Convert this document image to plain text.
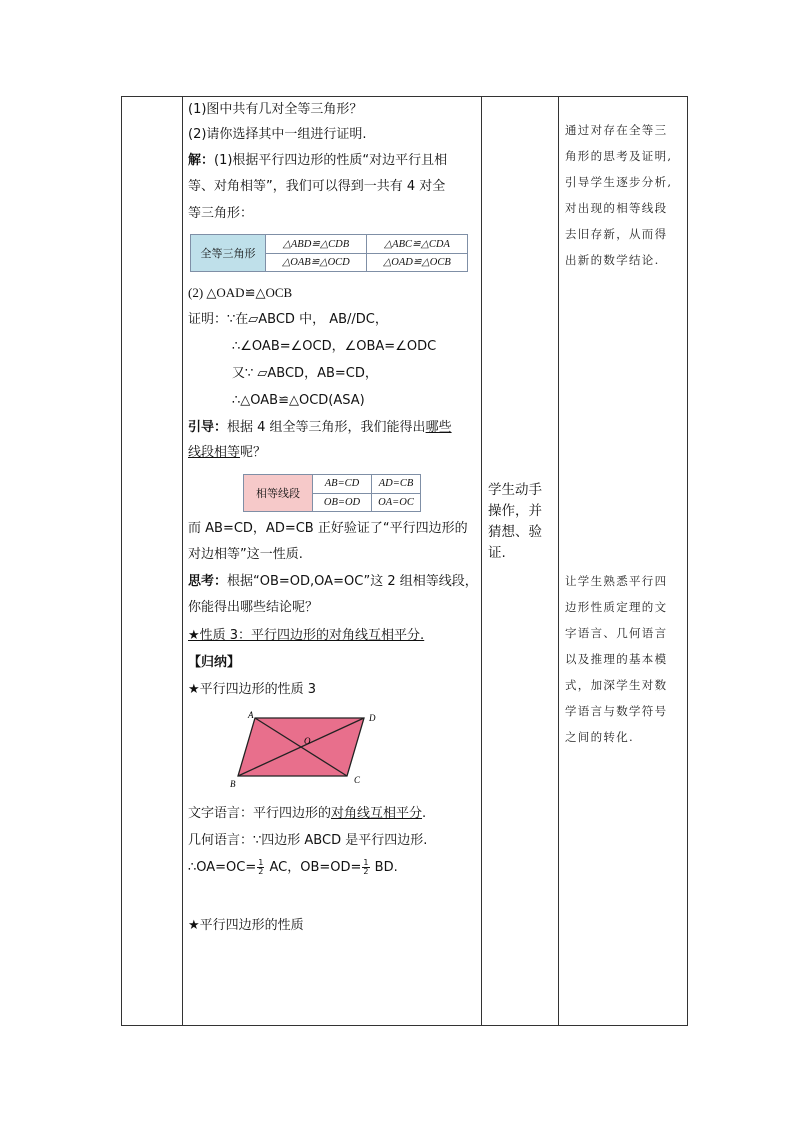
(1)图中共有几对全等三角形？
(2)请你选择其中一组进行证明.
解：(1)根据平行四边形的性质“对边平行且相
等、对角相等”，我们可以得到一共有 4 对全
等三角形：
全等三角形	△ABD≌△CDB	△ABC≌△CDA
	△OAB≌△OCD	△OAD≌△OCB
(2) △OAD≌△OCB
证明：∵在▱ABCD 中， AB//DC，
∴∠OAB=∠OCD，∠OBA=∠ODC
又∵ ▱ABCD，AB=CD，
∴△OAB≌△OCD(ASA)
引导：根据 4 组全等三角形，我们能得出哪些
线段相等呢？
相等线段	AB=CD	AD=CB
	OB=OD	OA=OC
而 AB=CD，AD=CB 正好验证了“平行四边形的
对边相等”这一性质.
思考：根据“OB=OD,OA=OC”这 2 组相等线段，
你能得出哪些结论呢？
★性质 3：平行四边形的对角线互相平分.
【归纳】
★平行四边形的性质 3
A	D
O
B	C
文字语言：平行四边形的对角线互相平分.
几何语言：∵四边形 ABCD 是平行四边形.
∴OA=OC= $\frac{1}{2}$ AC，$OB=OD= \frac{1}{2}$ BD.
★平行四边形的性质
学生动手
操作，并
猜想、验
证.
通过对存在全等三
角形的思考及证明,
引导学生逐步分析,
对出现的相等线段
去旧存新，从而得
出新的数学结论.
让学生熟悉平行四
边形性质定理的文
字语言、几何语言
以及推理的基本模
式，加深学生对数
学语言与数学符号
之间的转化.
